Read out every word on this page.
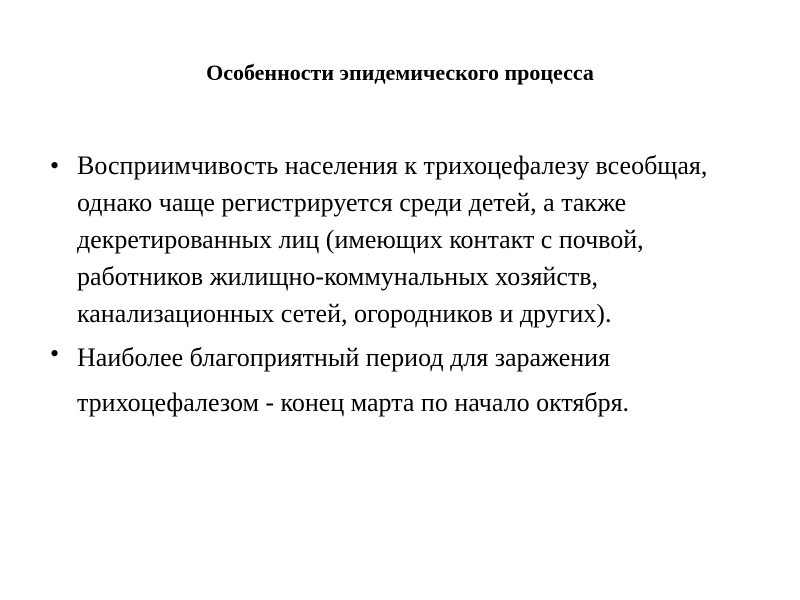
Особенности эпидемического процесса
• Восприимчивость населения к трихоцефалезу всеобщая, однако чаще регистрируется среди детей, а также декретированных лиц (имеющих контакт с почвой, работников жилищно-коммунальных хозяйств, канализационных сетей, огородников и других).
• Наиболее благоприятный период для заражения трихоцефалезом - конец марта по начало октября.
